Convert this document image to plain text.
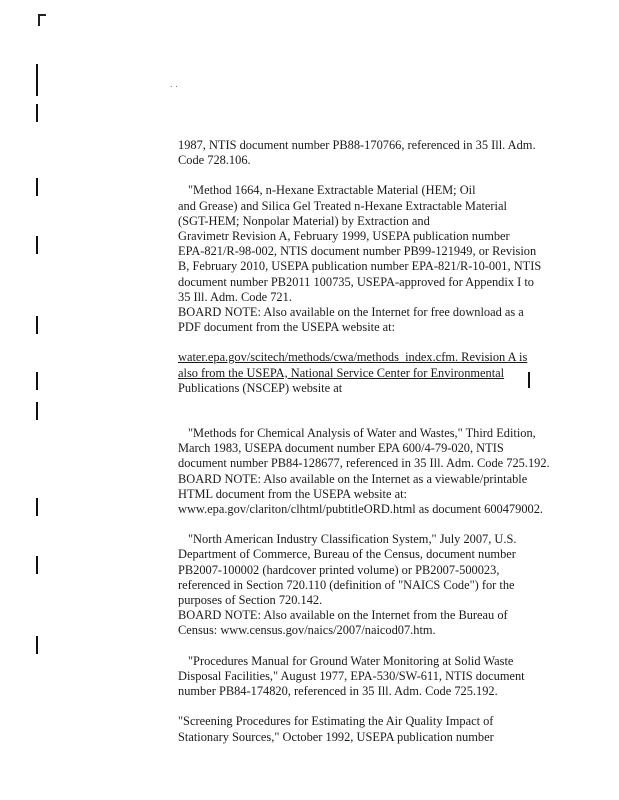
. .
1987, NTIS document number PB88-170766, referenced in 35 Ill. Adm.
Code 728.106.
"Method 1664, n-Hexane Extractable Material (HEM; Oil
and Grease) and Silica Gel Treated n-Hexane Extractable Material
(SGT-HEM; Nonpolar Material) by Extraction and
Gravimetr Revision A, February 1999, USEPA publication number
EPA-821/R-98-002, NTIS document number PB99-121949, or Revision
B, February 2010, USEPA publication number EPA-821/R-10-001, NTIS
document number PB2011 100735, USEPA-approved for Appendix I to
35 Ill. Adm. Code 721.
BOARD NOTE: Also available on the Internet for free download as a
PDF document from the USEPA website at:
water.epa.gov/scitech/methods/cwa/methods_index.cfm. Revision A is
also from the USEPA, National Service Center for Environmental
Publications (NSCEP) website at
"Methods for Chemical Analysis of Water and Wastes," Third Edition,
March 1983, USEPA document number EPA 600/4-79-020, NTIS
document number PB84-128677, referenced in 35 Ill. Adm. Code 725.192.
BOARD NOTE: Also available on the Internet as a viewable/printable
HTML document from the USEPA website at:
www.epa.gov/clariton/clhtml/pubtitleORD.html as document 600479002.
"North American Industry Classification System," July 2007, U.S.
Department of Commerce, Bureau of the Census, document number
PB2007-100002 (hardcover printed volume) or PB2007-500023,
referenced in Section 720.110 (definition of "NAICS Code") for the
purposes of Section 720.142.
BOARD NOTE: Also available on the Internet from the Bureau of
Census: www.census.gov/naics/2007/naicod07.htm.
"Procedures Manual for Ground Water Monitoring at Solid Waste
Disposal Facilities," August 1977, EPA-530/SW-611, NTIS document
number PB84-174820, referenced in 35 Ill. Adm. Code 725.192.
"Screening Procedures for Estimating the Air Quality Impact of
Stationary Sources," October 1992, USEPA publication number
